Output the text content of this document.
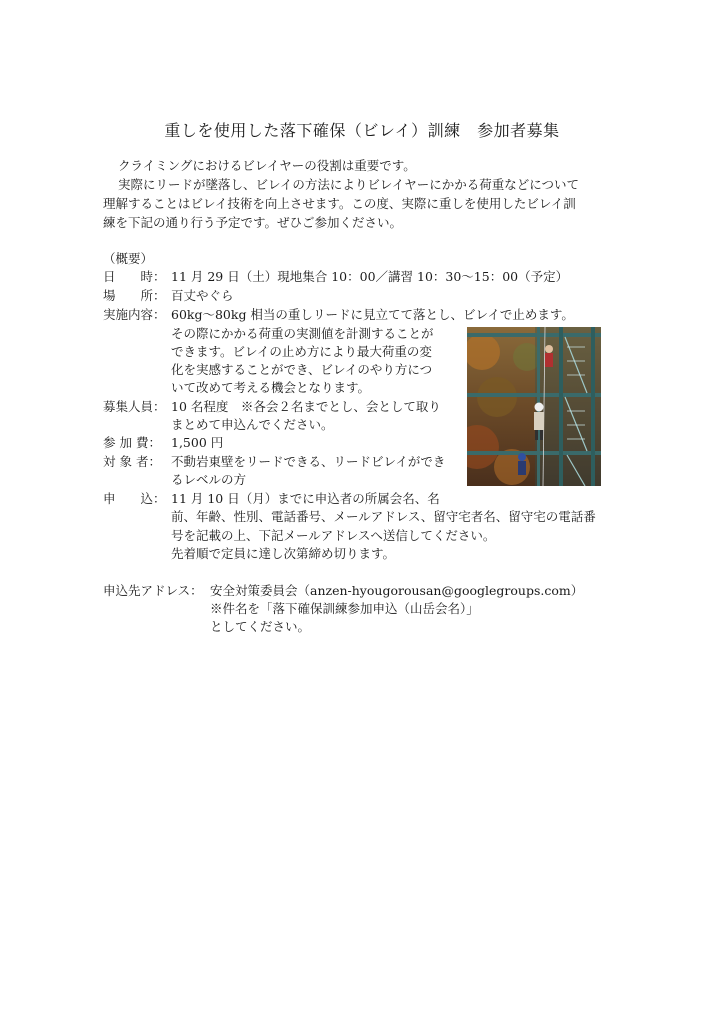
重しを使用した落下確保（ビレイ）訓練　参加者募集
クライミングにおけるビレイヤーの役割は重要です。
実際にリードが墜落し、ビレイの方法によりビレイヤーにかかる荷重などについて
理解することはビレイ技術を向上させます。この度、実際に重しを使用したビレイ訓
練を下記の通り行う予定です。ぜひご参加ください。
（概要）
日　　時： 11 月 29 日（土）現地集合 10：00／講習 10：30〜15：00（予定）
場　　所： 百丈やぐら
実施内容： 60kg〜80kg 相当の重しリードに見立てて落とし、ビレイで止めます。
その際にかかる荷重の実測値を計測することが
できます。ビレイの止め方により最大荷重の変
化を実感することができ、ビレイのやり方につ
いて改めて考える機会となります。
募集人員： 10 名程度　※各会２名までとし、会として取り
まとめて申込んでください。
参 加 費： 1,500 円
対 象 者： 不動岩東壁をリードできる、リードビレイができ
るレベルの方
申　　込： 11 月 10 日（月）までに申込者の所属会名、名
前、年齢、性別、電話番号、メールアドレス、留守宅者名、留守宅の電話番
号を記載の上、下記メールアドレスへ送信してください。
先着順で定員に達し次第締め切ります。
申込先アドレス： 安全対策委員会（anzen-hyougorousan@googlegroups.com）
※件名を「落下確保訓練参加申込（山岳会名）」
としてください。
